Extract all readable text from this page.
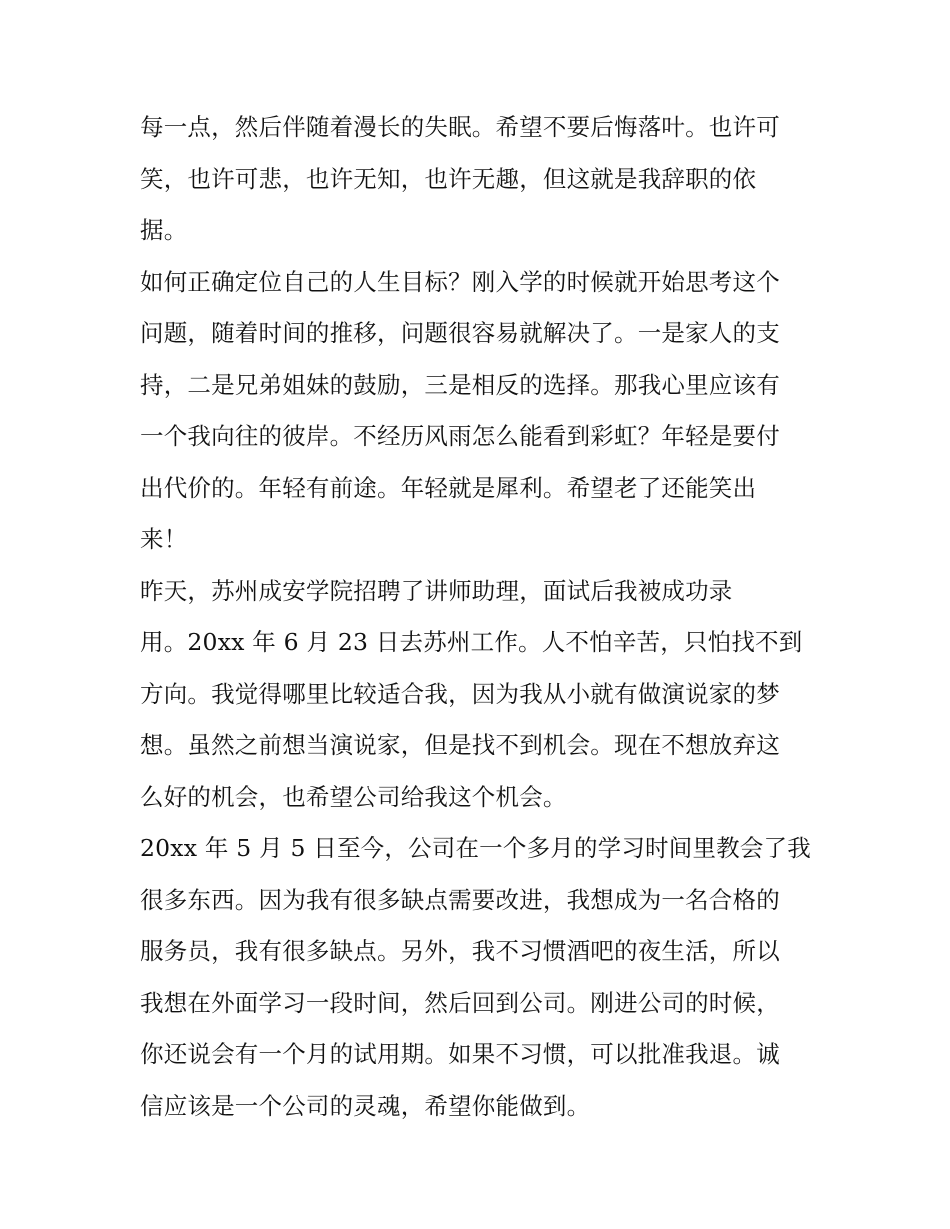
每一点，然后伴随着漫长的失眠。希望不要后悔落叶。也许可
笑，也许可悲，也许无知，也许无趣，但这就是我辞职的依
据。
如何正确定位自己的人生目标？刚入学的时候就开始思考这个
问题，随着时间的推移，问题很容易就解决了。一是家人的支
持，二是兄弟姐妹的鼓励，三是相反的选择。那我心里应该有
一个我向往的彼岸。不经历风雨怎么能看到彩虹？年轻是要付
出代价的。年轻有前途。年轻就是犀利。希望老了还能笑出
来！
昨天，苏州成安学院招聘了讲师助理，面试后我被成功录
用。20xx 年 6 月 23 日去苏州工作。人不怕辛苦，只怕找不到
方向。我觉得哪里比较适合我，因为我从小就有做演说家的梦
想。虽然之前想当演说家，但是找不到机会。现在不想放弃这
么好的机会，也希望公司给我这个机会。
20xx 年 5 月 5 日至今，公司在一个多月的学习时间里教会了我
很多东西。因为我有很多缺点需要改进，我想成为一名合格的
服务员，我有很多缺点。另外，我不习惯酒吧的夜生活，所以
我想在外面学习一段时间，然后回到公司。刚进公司的时候，
你还说会有一个月的试用期。如果不习惯，可以批准我退。诚
信应该是一个公司的灵魂，希望你能做到。
